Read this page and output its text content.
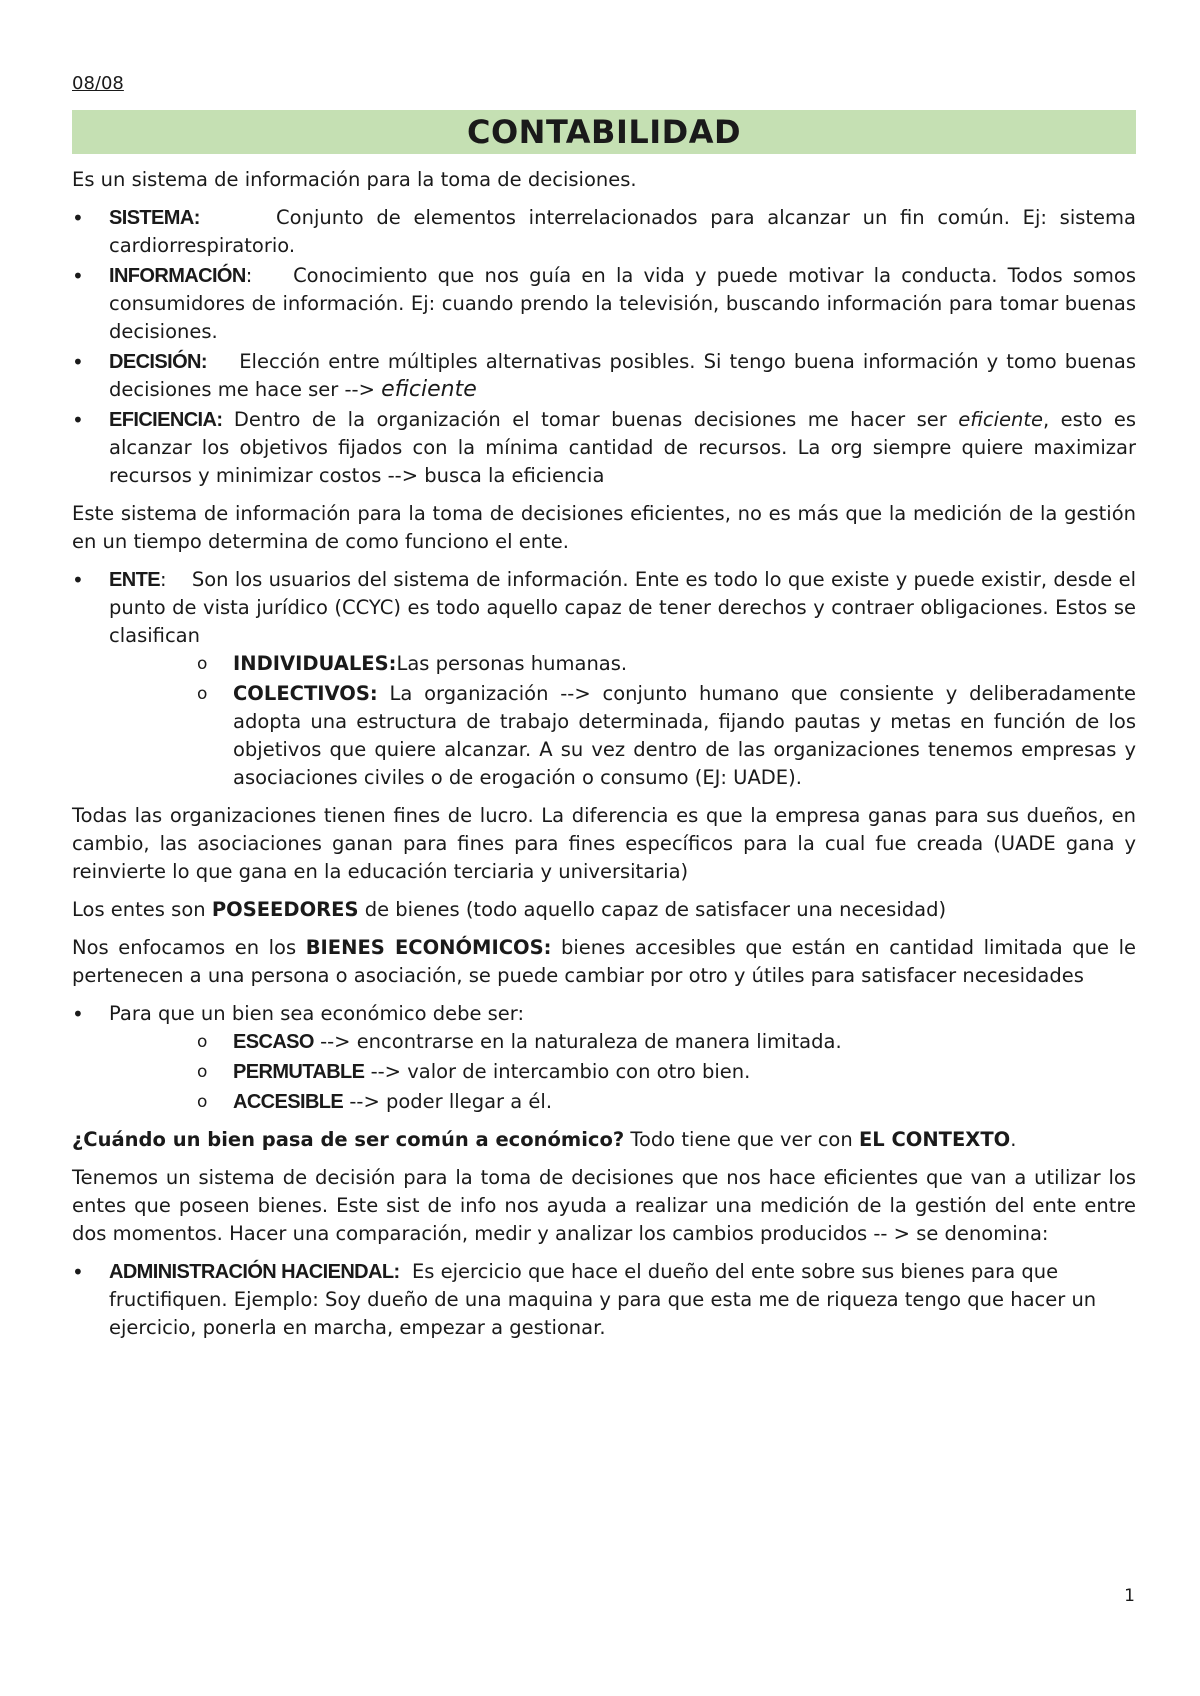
08/08
CONTABILIDAD

Es un sistema de información para la toma de decisiones.

• SISTEMA:	Conjunto de elementos interrelacionados para alcanzar un fin común. Ej: sistema cardiorrespiratorio.
• INFORMACIÓN: Conocimiento que nos guía en la vida y puede motivar la conducta. Todos somos consumidores de información. Ej: cuando prendo la televisión, buscando información para tomar buenas decisiones.
• DECISIÓN: Elección entre múltiples alternativas posibles. Si tengo buena información y tomo buenas decisiones me hace ser --> eficiente
• EFICIENCIA: Dentro de la organización el tomar buenas decisiones me hacer ser eficiente, esto es alcanzar los objetivos fijados con la mínima cantidad de recursos. La org siempre quiere maximizar recursos y minimizar costos --> busca la eficiencia

Este sistema de información para la toma de decisiones eficientes, no es más que la medición de la gestión en un tiempo determina de como funciono el ente.

• ENTE: Son los usuarios del sistema de información. Ente es todo lo que existe y puede existir, desde el punto de vista jurídico (CCYC) es todo aquello capaz de tener derechos y contraer obligaciones. Estos se clasifican
o INDIVIDUALES:Las personas humanas.
o COLECTIVOS: La organización --> conjunto humano que consiente y deliberadamente adopta una estructura de trabajo determinada, fijando pautas y metas en función de los objetivos que quiere alcanzar. A su vez dentro de las organizaciones tenemos empresas y asociaciones civiles o de erogación o consumo (EJ: UADE).

Todas las organizaciones tienen fines de lucro. La diferencia es que la empresa ganas para sus dueños, en cambio, las asociaciones ganan para fines para fines específicos para la cual fue creada (UADE gana y reinvierte lo que gana en la educación terciaria y universitaria)

Los entes son POSEEDORES de bienes (todo aquello capaz de satisfacer una necesidad)

Nos enfocamos en los BIENES ECONÓMICOS: bienes accesibles que están en cantidad limitada que le pertenecen a una persona o asociación, se puede cambiar por otro y útiles para satisfacer necesidades

• Para que un bien sea económico debe ser:
o ESCASO --> encontrarse en la naturaleza de manera limitada.
o PERMUTABLE --> valor de intercambio con otro bien.
o ACCESIBLE --> poder llegar a él.

¿Cuándo un bien pasa de ser común a económico? Todo tiene que ver con EL CONTEXTO.

Tenemos un sistema de decisión para la toma de decisiones que nos hace eficientes que van a utilizar los entes que poseen bienes. Este sist de info nos ayuda a realizar una medición de la gestión del ente entre dos momentos. Hacer una comparación, medir y analizar los cambios producidos -- > se denomina:

• ADMINISTRACIÓN HACIENDAL: Es ejercicio que hace el dueño del ente sobre sus bienes para que fructifiquen. Ejemplo: Soy dueño de una maquina y para que esta me de riqueza tengo que hacer un ejercicio, ponerla en marcha, empezar a gestionar.
1
